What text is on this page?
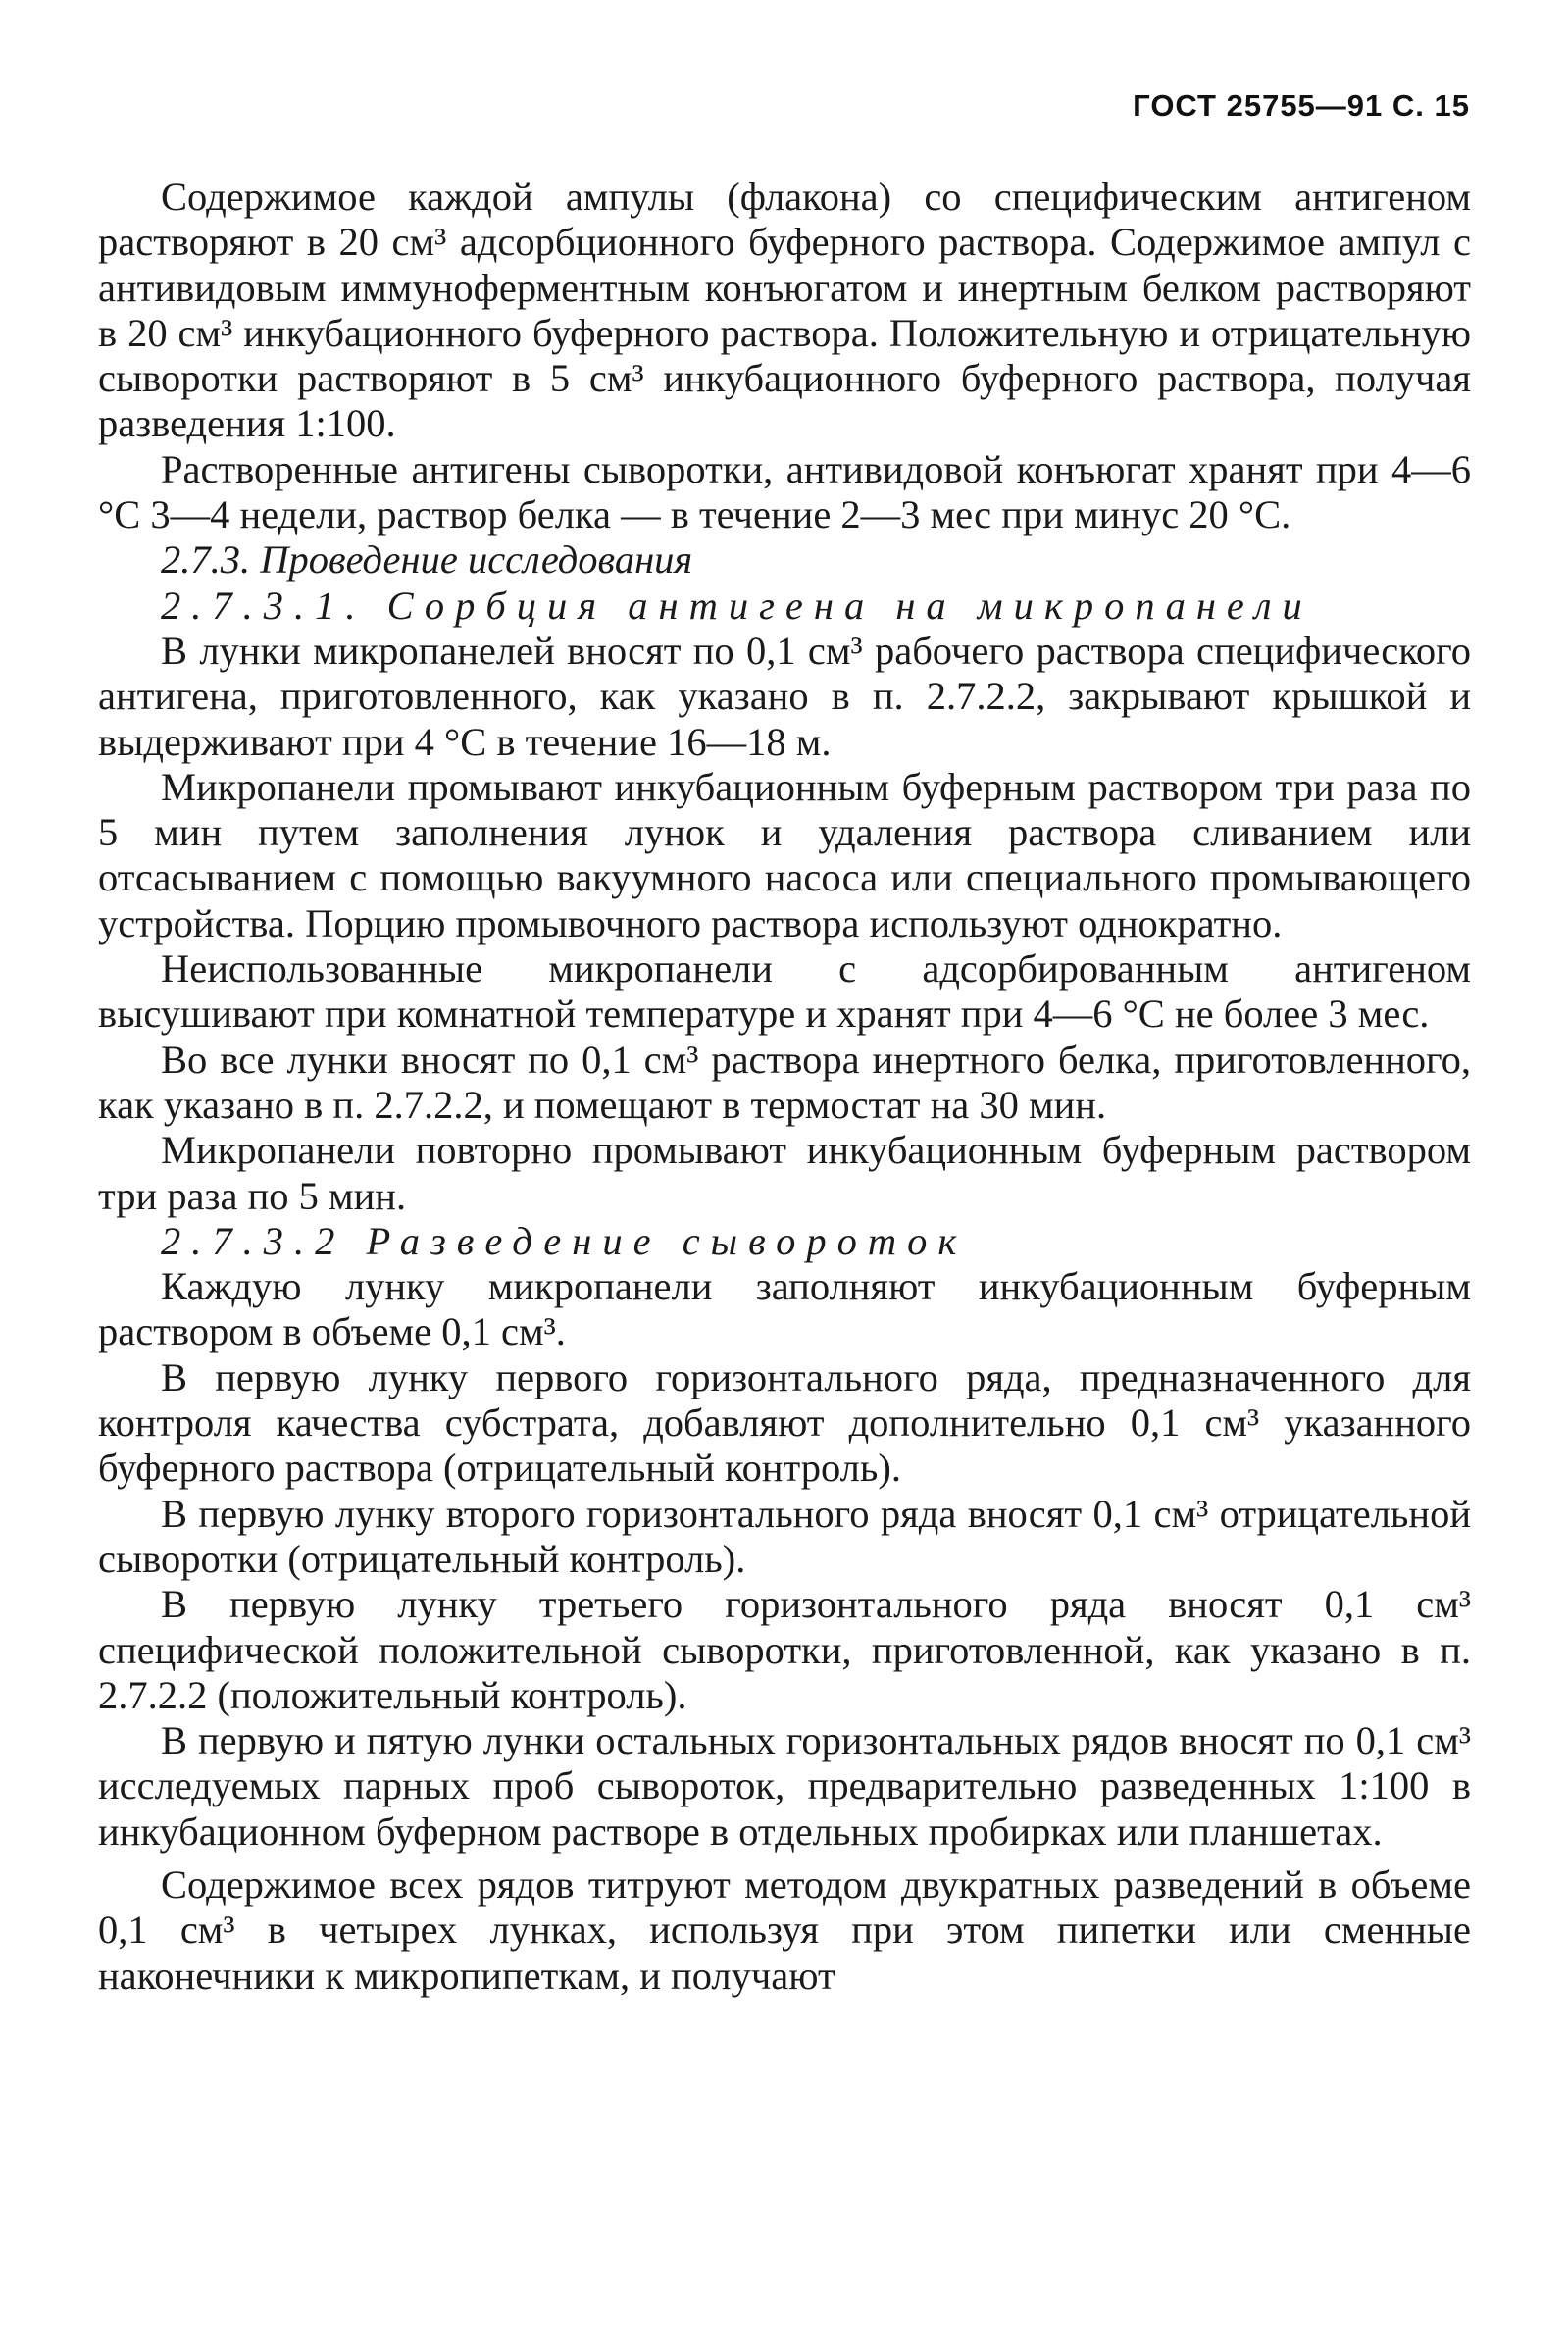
ГОСТ 25755—91 С. 15

Содержимое каждой ампулы (флакона) со специфическим антигеном растворяют в 20 см³ адсорбционного буферного раствора. Содержимое ампул с антивидовым иммуноферментным конъюгатом и инертным белком растворяют в 20 см³ инкубационного буферного раствора. Положительную и отрицательную сыворотки растворяют в 5 см³ инкубационного буферного раствора, получая разведения 1:100.

Растворенные антигены сыворотки, антивидовой конъюгат хранят при 4—6 °С 3—4 недели, раствор белка — в течение 2—3 мес при минус 20 °С.

2.7.3. Проведение исследования

2.7.3.1. Сорбция антигена на микропанели

В лунки микропанелей вносят по 0,1 см³ рабочего раствора специфического антигена, приготовленного, как указано в п. 2.7.2.2, закрывают крышкой и выдерживают при 4 °С в течение 16—18 м.

Микропанели промывают инкубационным буферным раствором три раза по 5 мин путем заполнения лунок и удаления раствора сливанием или отсасыванием с помощью вакуумного насоса или специального промывающего устройства. Порцию промывочного раствора используют однократно.

Неиспользованные микропанели с адсорбированным антигеном высушивают при комнатной температуре и хранят при 4—6 °С не более 3 мес.

Во все лунки вносят по 0,1 см³ раствора инертного белка, приготовленного, как указано в п. 2.7.2.2, и помещают в термостат на 30 мин.

Микропанели повторно промывают инкубационным буферным раствором три раза по 5 мин.

2.7.3.2 Разведение сывороток

Каждую лунку микропанели заполняют инкубационным буферным раствором в объеме 0,1 см³.

В первую лунку первого горизонтального ряда, предназначенного для контроля качества субстрата, добавляют дополнительно 0,1 см³ указанного буферного раствора (отрицательный контроль).

В первую лунку второго горизонтального ряда вносят 0,1 см³ отрицательной сыворотки (отрицательный контроль).

В первую лунку третьего горизонтального ряда вносят 0,1 см³ специфической положительной сыворотки, приготовленной, как указано в п. 2.7.2.2 (положительный контроль).

В первую и пятую лунки остальных горизонтальных рядов вносят по 0,1 см³ исследуемых парных проб сывороток, предварительно разведенных 1:100 в инкубационном буферном растворе в отдельных пробирках или планшетах.

Содержимое всех рядов титруют методом двукратных разведений в объеме 0,1 см³ в четырех лунках, используя при этом пипетки или сменные наконечники к микропипеткам, и получают
